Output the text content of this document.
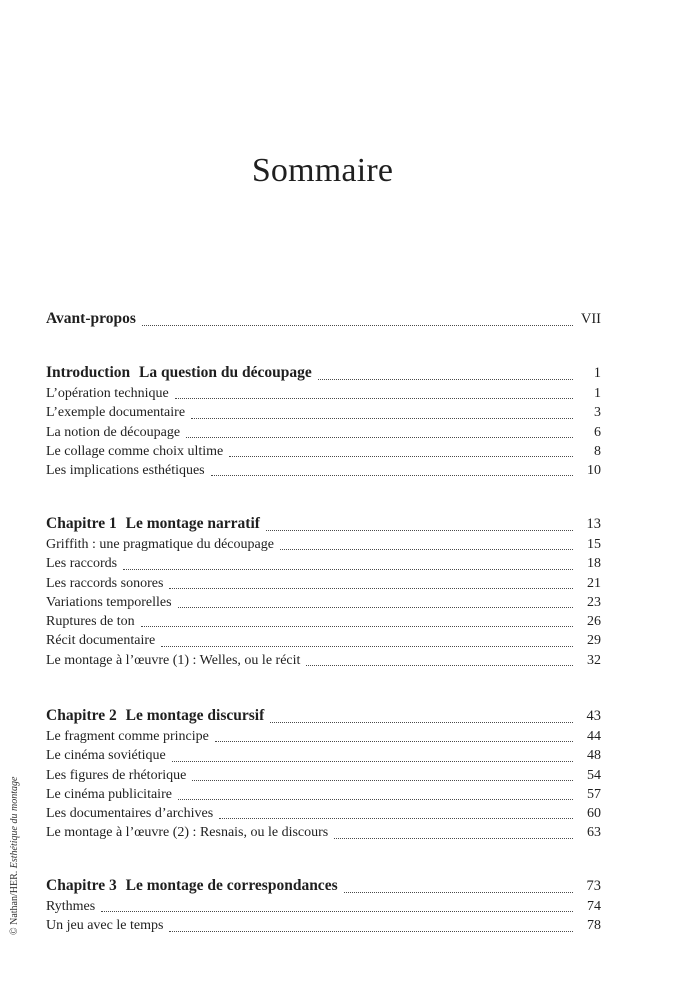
Sommaire
Avant-propos	VII
Introduction La question du découpage	1
L’opération technique	1
L’exemple documentaire	3
La notion de découpage	6
Le collage comme choix ultime	8
Les implications esthétiques	10
Chapitre 1 Le montage narratif	13
Griffith : une pragmatique du découpage	15
Les raccords	18
Les raccords sonores	21
Variations temporelles	23
Ruptures de ton	26
Récit documentaire	29
Le montage à l’œuvre (1) : Welles, ou le récit	32
Chapitre 2 Le montage discursif	43
Le fragment comme principe	44
Le cinéma soviétique	48
Les figures de rhétorique	54
Le cinéma publicitaire	57
Les documentaires d’archives	60
Le montage à l’œuvre (2) : Resnais, ou le discours	63
Chapitre 3 Le montage de correspondances	73
Rythmes	74
Un jeu avec le temps	78
© Nathan/HER. Esthétique du montage
